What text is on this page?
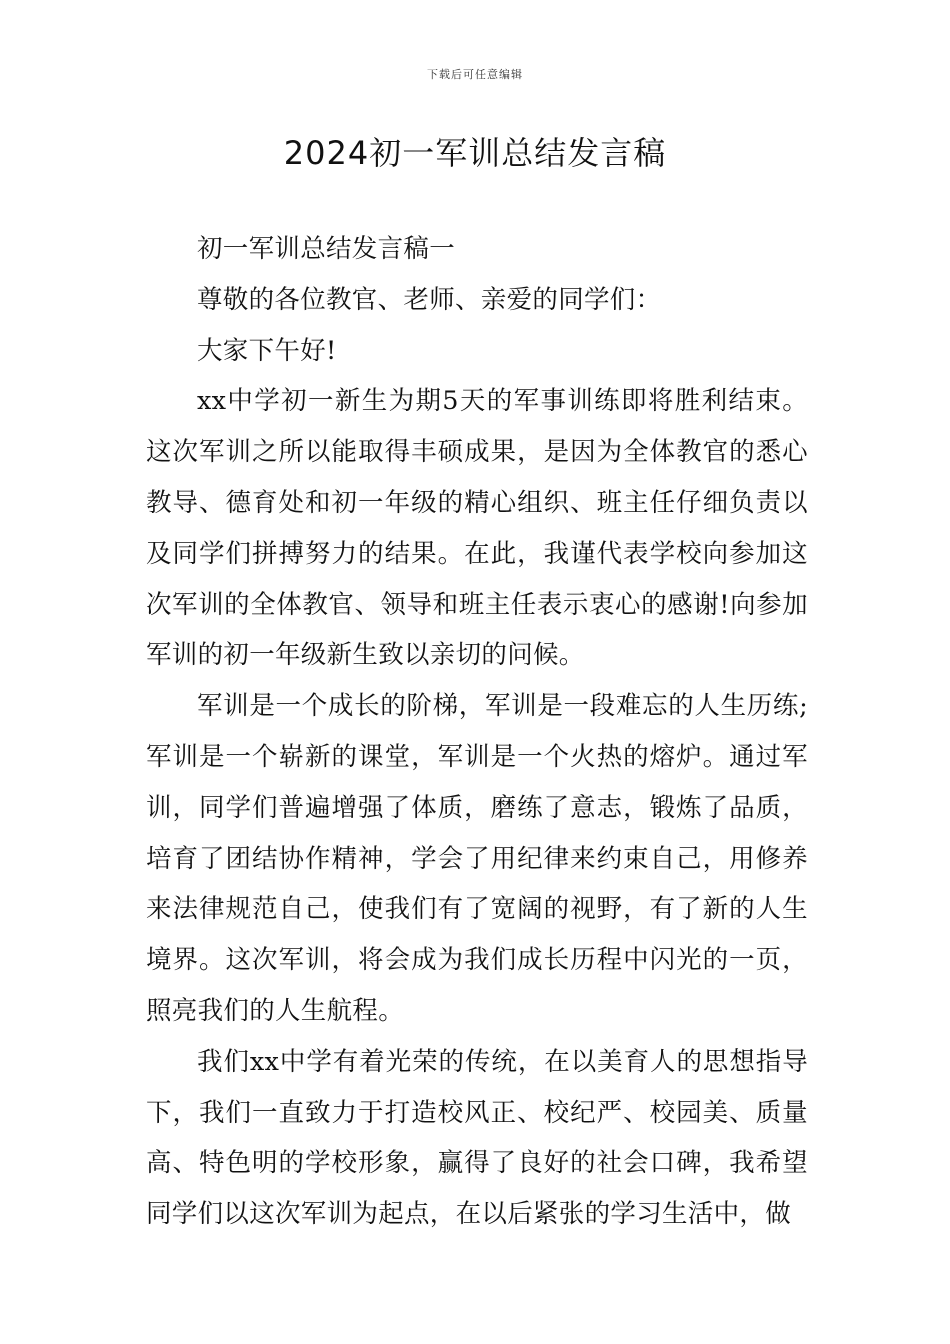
下载后可任意编辑
2024初一军训总结发言稿

初一军训总结发言稿一

尊敬的各位教官、老师、亲爱的同学们：

大家下午好!

xx中学初一新生为期5天的军事训练即将胜利结束。这次军训之所以能取得丰硕成果，是因为全体教官的悉心教导、德育处和初一年级的精心组织、班主任仔细负责以及同学们拼搏努力的结果。在此，我谨代表学校向参加这次军训的全体教官、领导和班主任表示衷心的感谢!向参加军训的初一年级新生致以亲切的问候。

军训是一个成长的阶梯，军训是一段难忘的人生历练;军训是一个崭新的课堂，军训是一个火热的熔炉。通过军训，同学们普遍增强了体质，磨练了意志，锻炼了品质，培育了团结协作精神，学会了用纪律来约束自己，用修养来法律规范自己，使我们有了宽阔的视野，有了新的人生境界。这次军训，将会成为我们成长历程中闪光的一页，照亮我们的人生航程。

我们xx中学有着光荣的传统，在以美育人的思想指导下，我们一直致力于打造校风正、校纪严、校园美、质量高、特色明的学校形象，赢得了良好的社会口碑，我希望同学们以这次军训为起点，在以后紧张的学习生活中，做
